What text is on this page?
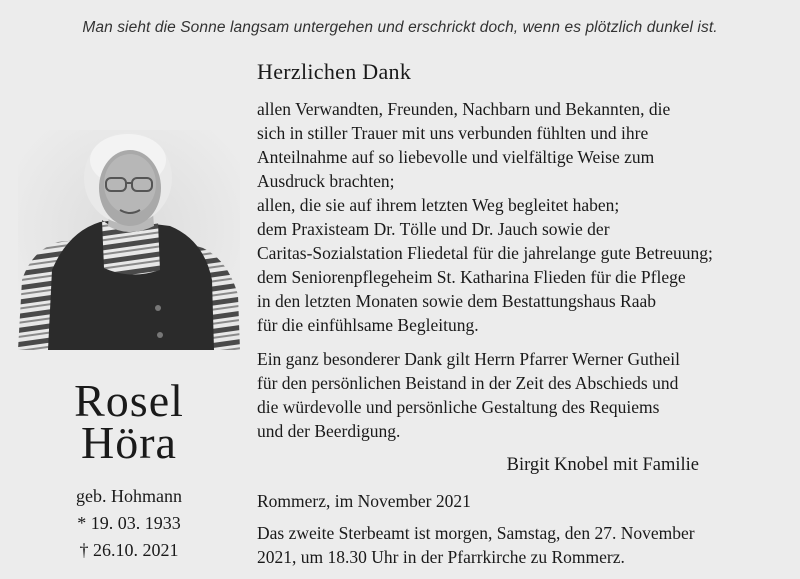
Man sieht die Sonne langsam untergehen und erschrickt doch, wenn es plötzlich dunkel ist.
Rosel
Höra
geb. Hohmann
* 19. 03. 1933
† 26.10. 2021
Herzlichen Dank

allen Verwandten, Freunden, Nachbarn und Bekannten, die

sich in stiller Trauer mit uns verbunden fühlten und ihre

Anteilnahme auf so liebevolle und vielfältige Weise zum

Ausdruck brachten;

allen, die sie auf ihrem letzten Weg begleitet haben;

dem Praxisteam Dr. Tölle und Dr. Jauch sowie der

Caritas-Sozialstation Fliedetal für die jahrelange gute Betreuung;

dem Seniorenpflegeheim St. Katharina Flieden für die Pflege

in den letzten Monaten sowie dem Bestattungshaus Raab

für die einfühlsame Begleitung.

Ein ganz besonderer Dank gilt Herrn Pfarrer Werner Gutheil

für den persönlichen Beistand in der Zeit des Abschieds und

die würdevolle und persönliche Gestaltung des Requiems

und der Beerdigung.

Birgit Knobel mit Familie
Rommerz, im November 2021

Das zweite Sterbeamt ist morgen, Samstag, den 27. November

2021, um 18.30 Uhr in der Pfarrkirche zu Rommerz.
